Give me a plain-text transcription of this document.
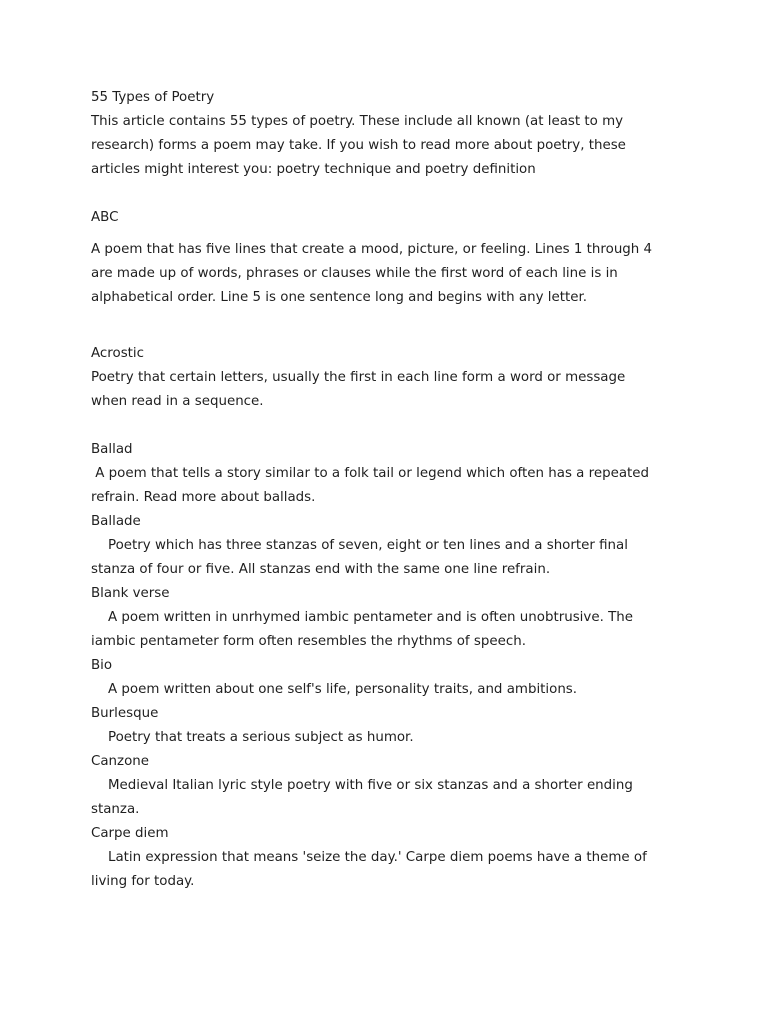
55 Types of Poetry
This article contains 55 types of poetry. These include all known (at least to my
research) forms a poem may take. If you wish to read more about poetry, these
articles might interest you: poetry technique and poetry definition
ABC
A poem that has five lines that create a mood, picture, or feeling. Lines 1 through 4
are made up of words, phrases or clauses while the first word of each line is in
alphabetical order. Line 5 is one sentence long and begins with any letter.
Acrostic
Poetry that certain letters, usually the first in each line form a word or message
when read in a sequence.
Ballad
A poem that tells a story similar to a folk tail or legend which often has a repeated
refrain. Read more about ballads.
Ballade
Poetry which has three stanzas of seven, eight or ten lines and a shorter final
stanza of four or five. All stanzas end with the same one line refrain.
Blank verse
A poem written in unrhymed iambic pentameter and is often unobtrusive. The
iambic pentameter form often resembles the rhythms of speech.
Bio
A poem written about one self's life, personality traits, and ambitions.
Burlesque
Poetry that treats a serious subject as humor.
Canzone
Medieval Italian lyric style poetry with five or six stanzas and a shorter ending
stanza.
Carpe diem
Latin expression that means 'seize the day.' Carpe diem poems have a theme of
living for today.
